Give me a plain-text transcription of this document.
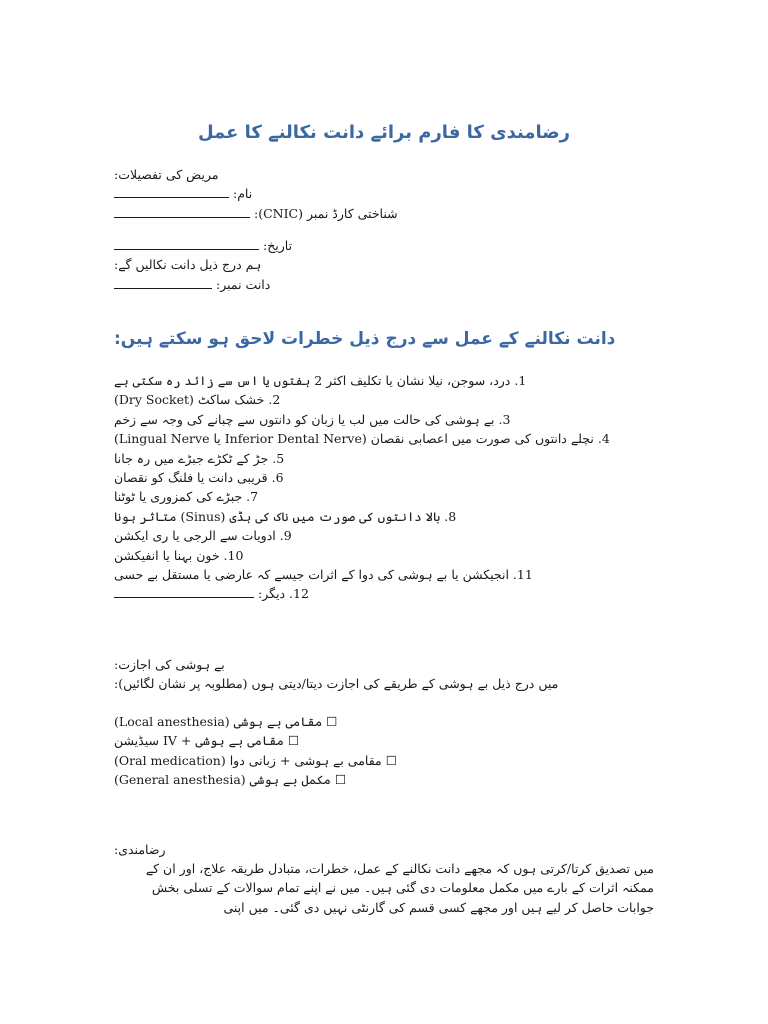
رضامندی کا فارم برائے دانت نکالنے کا عمل
مریض کی تفصیلات:
نام:
شناختی کارڈ نمبر (CNIC):
تاریخ:
ہم درج ذیل دانت نکالیں گے:
دانت نمبر:
دانت نکالنے کے عمل سے درج ذیل خطرات لاحق ہو سکتے ہیں:
1. درد، سوجن، نیلا نشان یا تکلیف اکثر 2 ہفتوں یا اس سے زائد رہ سکتی ہے
2. خشک ساکٹ (Dry Socket)
3. بے ہوشی کی حالت میں لب یا زبان کو دانتوں سے چبانے کی وجہ سے زخم
4. نچلے دانتوں کی صورت میں اعصابی نقصان (Inferior Dental Nerve یا Lingual Nerve)
5. جڑ کے ٹکڑے جبڑے میں رہ جانا
6. قریبی دانت یا فلنگ کو نقصان
7. جبڑے کی کمزوری یا ٹوٹنا
8. بالا دانتوں کی صورت میں ناک کی ہڈی (Sinus) متاثر ہونا
9. ادویات سے الرجی یا ری ایکشن
10. خون بہنا یا انفیکشن
11. انجیکشن یا بے ہوشی کی دوا کے اثرات جیسے کہ عارضی یا مستقل بے حسی
12. دیگر:
بے ہوشی کی اجازت:
میں درج ذیل بے ہوشی کے طریقے کی اجازت دیتا/دیتی ہوں (مطلوبہ پر نشان لگائیں):
☐ مقامی بے ہوشی (Local anesthesia)
☐ مقامی بے ہوشی + IV سیڈیشن
☐ مقامی بے ہوشی + زبانی دوا (Oral medication)
☐ مکمل بے ہوشی (General anesthesia)
رضامندی:

میں تصدیق کرتا/کرتی ہوں کہ مجھے دانت نکالنے کے عمل، خطرات، متبادل طریقہ علاج، اور ان کے ممکنہ اثرات کے بارے میں مکمل معلومات دی گئی ہیں۔ میں نے اپنے تمام سوالات کے تسلی بخش جوابات حاصل کر لیے ہیں اور مجھے کسی قسم کی گارنٹی نہیں دی گئی۔ میں اپنی
